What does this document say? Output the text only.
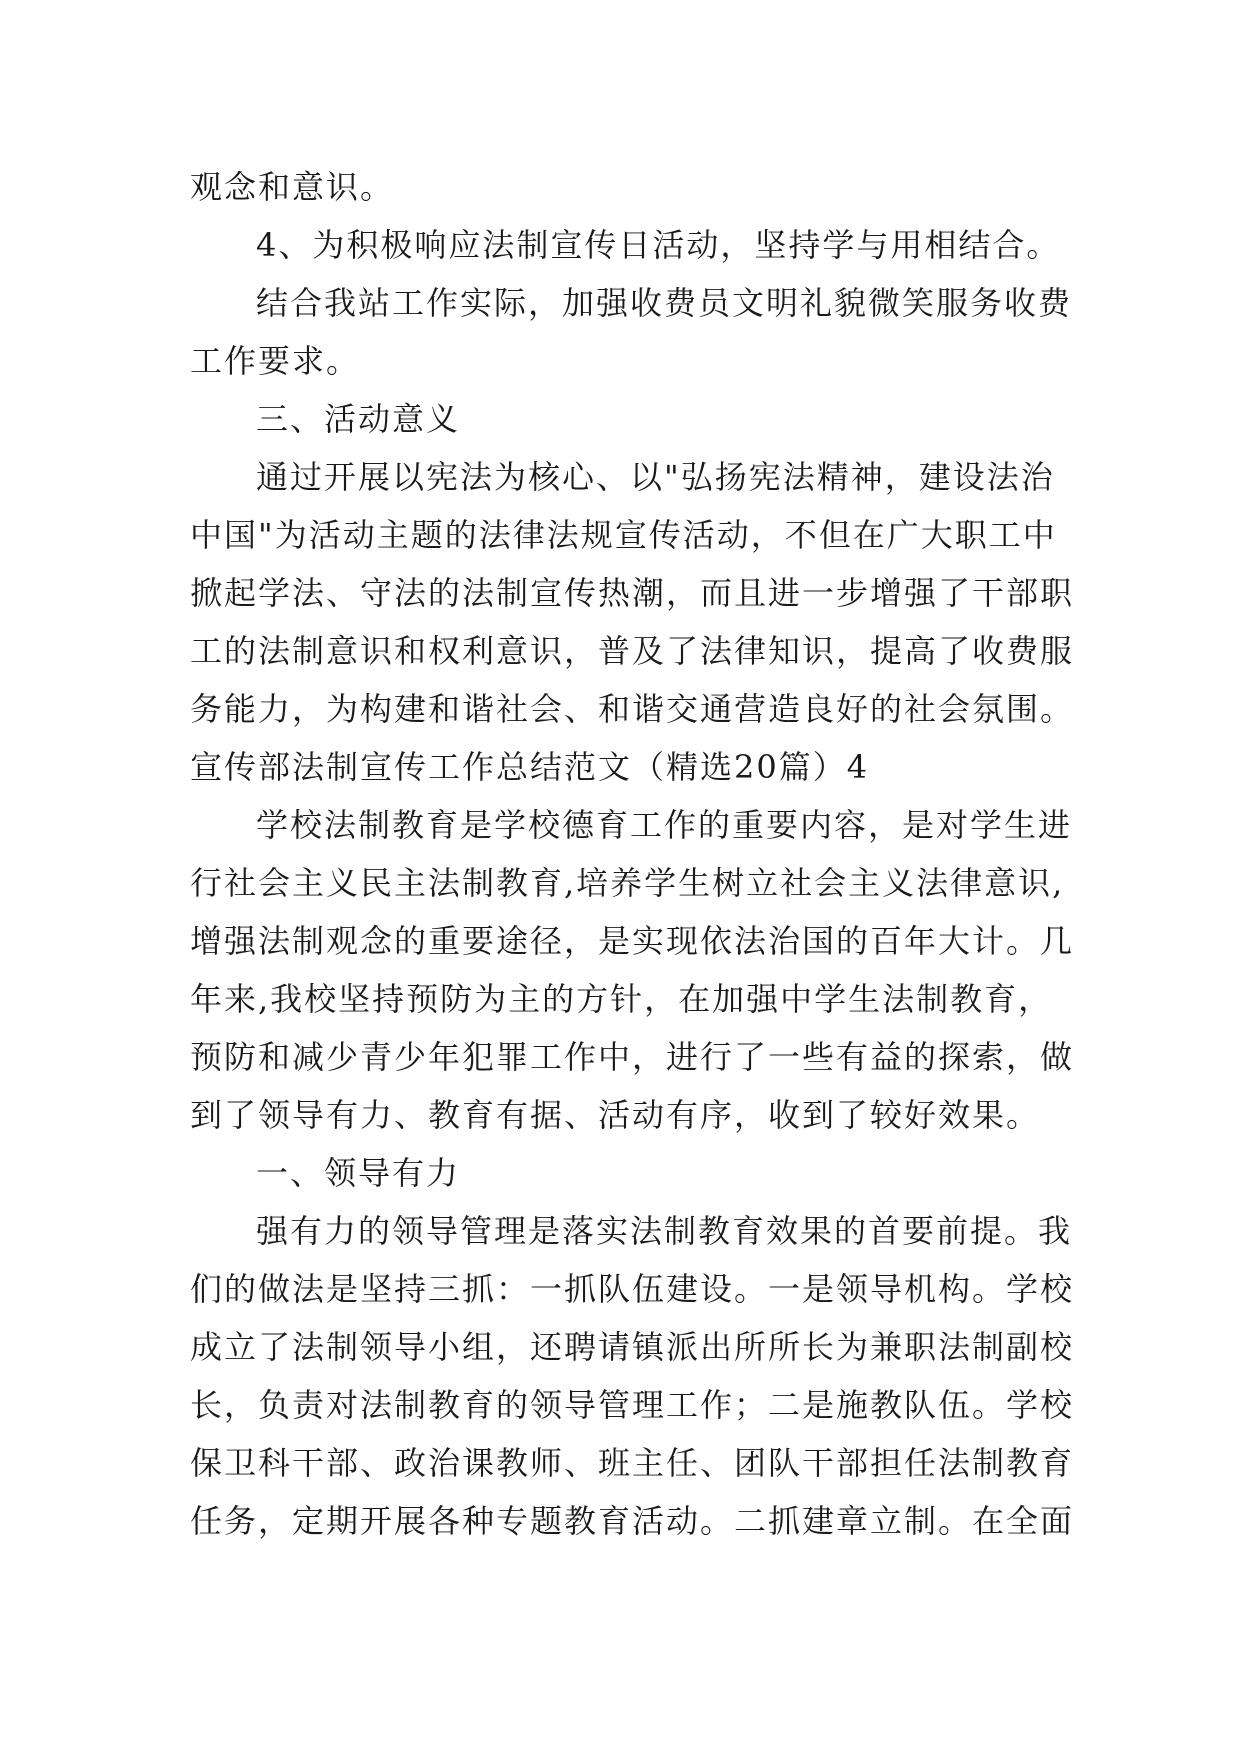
观念和意识。
4、为积极响应法制宣传日活动，坚持学与用相结合。
结合我站工作实际，加强收费员文明礼貌微笑服务收费
工作要求。
三、活动意义
通过开展以宪法为核心、以"弘扬宪法精神，建设法治
中国"为活动主题的法律法规宣传活动，不但在广大职工中
掀起学法、守法的法制宣传热潮，而且进一步增强了干部职
工的法制意识和权利意识，普及了法律知识，提高了收费服
务能力，为构建和谐社会、和谐交通营造良好的社会氛围。
宣传部法制宣传工作总结范文（精选20篇）4
学校法制教育是学校德育工作的重要内容，是对学生进
行社会主义民主法制教育,培养学生树立社会主义法律意识,
增强法制观念的重要途径，是实现依法治国的百年大计。几
年来,我校坚持预防为主的方针，在加强中学生法制教育，
预防和减少青少年犯罪工作中，进行了一些有益的探索，做
到了领导有力、教育有据、活动有序，收到了较好效果。
一、领导有力
强有力的领导管理是落实法制教育效果的首要前提。我
们的做法是坚持三抓：一抓队伍建设。一是领导机构。学校
成立了法制领导小组，还聘请镇派出所所长为兼职法制副校
长，负责对法制教育的领导管理工作；二是施教队伍。学校
保卫科干部、政治课教师、班主任、团队干部担任法制教育
任务，定期开展各种专题教育活动。二抓建章立制。在全面
